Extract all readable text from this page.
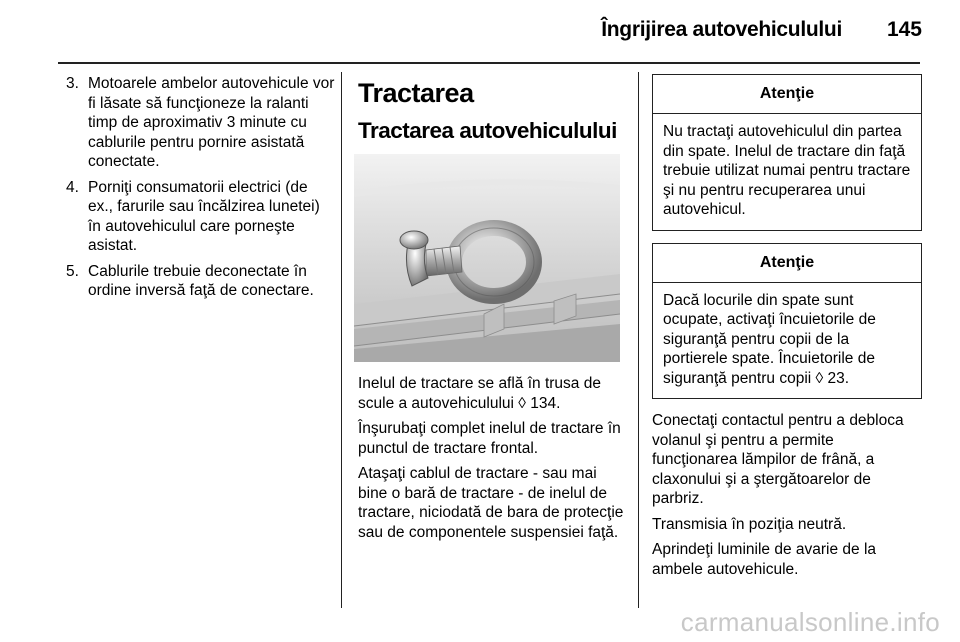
Îngrijirea autovehiculului 145
3. Motoarele ambelor autovehicule vor fi lăsate să funcţioneze la ralanti timp de aproximativ 3 minute cu cablurile pentru pornire asistată conectate.
4. Porniţi consumatorii electrici (de ex., farurile sau încălzirea lunetei) în autovehiculul care porneşte asistat.
5. Cablurile trebuie deconectate în ordine inversă faţă de conectare.
Tractarea
Tractarea autovehiculului

Inelul de tractare se află în trusa de scule a autovehiculului ◊ 134.

Înşurubaţi complet inelul de tractare în punctul de tractare frontal.

Ataşaţi cablul de tractare - sau mai bine o bară de tractare - de inelul de tractare, niciodată de bara de protecţie sau de componentele suspensiei faţă.

Atenţie
Nu tractaţi autovehiculul din partea din spate. Inelul de tractare din faţă trebuie utilizat numai pentru tractare şi nu pentru recuperarea unui autovehicul.
Atenţie
Dacă locurile din spate sunt ocupate, activaţi încuietorile de siguranţă pentru copii de la portierele spate. Încuietorile de siguranţă pentru copii ◊ 23.

Conectaţi contactul pentru a debloca volanul şi pentru a permite funcţionarea lămpilor de frână, a claxonului şi a ştergătoarelor de parbriz.

Transmisia în poziţia neutră.

Aprindeţi luminile de avarie de la ambele autovehicule.

carmanualsonline.info
